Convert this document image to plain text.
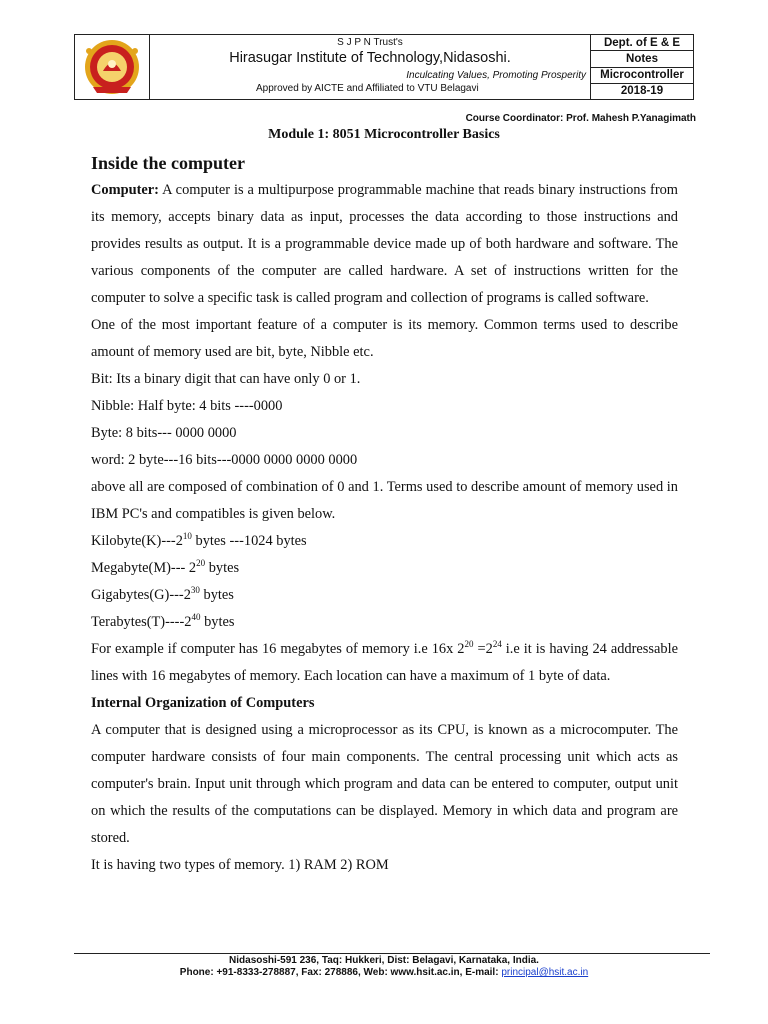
S J P N Trust's
Hirasugar Institute of Technology,Nidasoshi.
Inculcating Values, Promoting Prosperity
Approved by AICTE and Affiliated to VTU Belagavi
Dept. of E & E
Notes
Microcontroller
2018-19
Course Coordinator: Prof. Mahesh P.Yanagimath
Module 1: 8051 Microcontroller Basics
Inside the computer

Computer: A computer is a multipurpose programmable machine that reads binary instructions from its memory, accepts binary data as input, processes the data according to those instructions and provides results as output. It is a programmable device made up of both hardware and software. The various components of the computer are called hardware. A set of instructions written for the computer to solve a specific task is called program and collection of programs is called software.

One of the most important feature of a computer is its memory. Common terms used to describe amount of memory used are bit, byte, Nibble etc.

Bit: Its a binary digit that can have only 0 or 1.

Nibble: Half byte: 4 bits ----0000

Byte: 8 bits--- 0000 0000

word: 2 byte---16 bits---0000 0000 0000 0000

above all are composed of combination of 0 and 1. Terms used to describe amount of memory used in IBM PC's and compatibles is given below.

$Kilobyte(K)---2^{10}$ bytes ---1024 bytes

Megabyte(M)--- $2^{20}$ bytes

$Gigabytes(G)---2^{30}$ bytes

$Terabytes(T)----2^{40}$ bytes

For example if computer has 16 megabytes of memory i.e 16x $2^{20} =2^{24}$ i.e it is having 24 addressable lines with 16 megabytes of memory. Each location can have a maximum of 1 byte of data.

Internal Organization of Computers

A computer that is designed using a microprocessor as its CPU, is known as a microcomputer. The computer hardware consists of four main components. The central processing unit which acts as computer's brain. Input unit through which program and data can be entered to computer, output unit on which the results of the computations can be displayed. Memory in which data and program are stored.

It is having two types of memory. 1) RAM 2) ROM

Nidasoshi-591 236, Taq: Hukkeri, Dist: Belagavi, Karnataka, India.
Phone: +91-8333-278887, Fax: 278886, Web: www.hsit.ac.in, E-mail: principal@hsit.ac.in
